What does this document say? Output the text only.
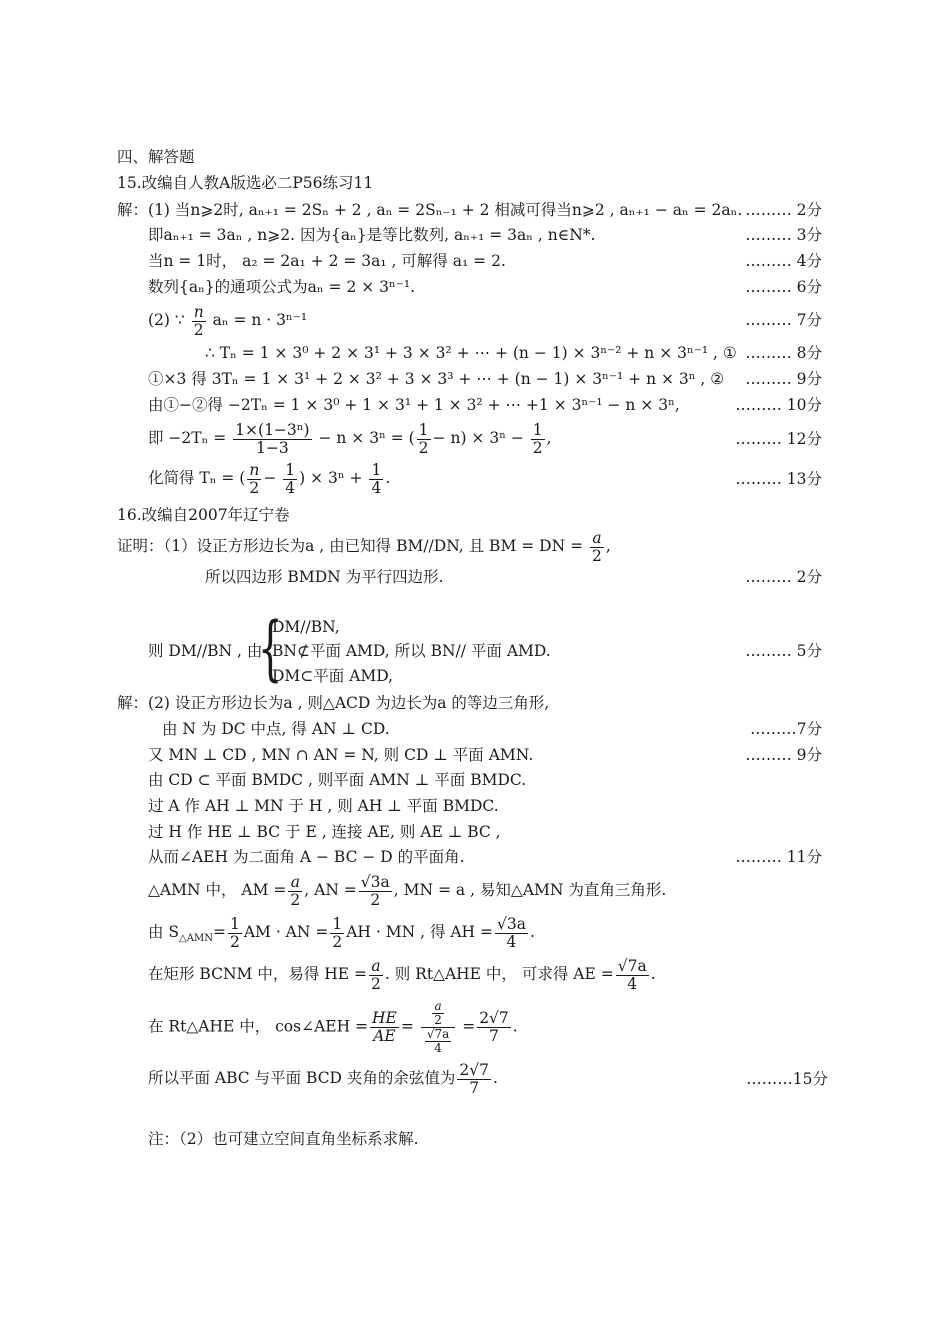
四、解答题
15.改编自人教A版选必二P56练习11
解：(1) 当n⩾2时, aₙ₊₁ = 2Sₙ + 2 , aₙ = 2Sₙ₋₁ + 2 相减可得当n⩾2 , aₙ₊₁ − aₙ = 2aₙ. ……… 2分
即aₙ₊₁ = 3aₙ , n⩾2. 因为{aₙ}是等比数列, aₙ₊₁ = 3aₙ , n∈N*.	……… 3分
当n = 1时， a₂ = 2a₁ + 2 = 3a₁ , 可解得 a₁ = 2.	……… 4分
数列{aₙ}的通项公式为aₙ = 2 × 3ⁿ⁻¹.	……… 6分
(2) ∵ $\frac{n}{2}$ aₙ = n · 3ⁿ⁻¹	……… 7分
∴ Tₙ = 1 × 3⁰ + 2 × 3¹ + 3 × 3² + ⋯ + (n − 1) × 3ⁿ⁻² + n × 3ⁿ⁻¹ , ① ……… 8分
①×3 得 3Tₙ = 1 × 3¹ + 2 × 3² + 3 × 3³ + ⋯ + (n − 1) × 3ⁿ⁻¹ + n × 3ⁿ , ② ……… 9分
由①−②得 −2Tₙ = 1 × 3⁰ + 1 × 3¹ + 1 × 3² + ⋯ +1 × 3ⁿ⁻¹ − n × 3ⁿ,	……… 10分
即 $-2T_n = \frac{\text{1×(1−3ⁿ)}}{1-3} - n \times 3^n$ = ( $\frac{1}{2} - n) \times 3^n - \frac{1}{2}$ ,	……… 12分
化简得 Tₙ = ( $\frac{n}{2} - \frac{1}{4}$ ) × $3^n + \frac{1}{4}$ .	……… 13分
16.改编自2007年辽宁卷
证明：（1）设正方形边长为a , 由已知得 BM//DN, 且 BM = DN = $\frac{a}{2}$ ,
所以四边形 BMDN 为平行四边形.	……… 2分
则 DM//BN , 由
{
DM//BN,
BN⊄平面 AMD, 所以 BN// 平面 AMD.
DM⊂平面 AMD,
……… 5分
解：(2) 设正方形边长为a , 则△ACD 为边长为a 的等边三角形,
由 N 为 DC 中点, 得 AN ⊥ CD.	………7分
又 MN ⊥ CD , MN ∩ AN = N, 则 CD ⊥ 平面 AMN.	……… 9分
由 CD ⊂ 平面 BMDC , 则平面 AMN ⊥ 平面 BMDC.
过 A 作 AH ⊥ MN 于 H , 则 AH ⊥ 平面 BMDC.
过 H 作 HE ⊥ BC 于 E , 连接 AE, 则 AE ⊥ BC ,
从而∠AEH 为二面角 A − BC − D 的平面角.	……… 11分
△AMN 中， AM = $\frac{a}{2}$ , AN = $\frac{√3a}{2}$ , MN = a , 易知△AMN 为直角三角形.
由 $S_{\triangle AMN}= \frac{1}{2}$ AM · AN = $\frac{1}{2}$ AH · MN , 得 AH = $\frac{√3a}{4}$ .
在矩形 BCNM 中，易得 HE = $\frac{a}{2}$ . 则 Rt△AHE 中， 可求得 AE = $\frac{√7a}{4}$ .
在 Rt△AHE 中， cos∠AEH = $\frac{HE}{AE} = \frac{\frac{a}{2}}{\frac{√7a}{4}} = \frac{2√7}{7}$ .
所以平面 ABC 与平面 BCD 夹角的余弦值为 $\frac{2√7}{7}$ .	………15分
注：（2）也可建立空间直角坐标系求解.
